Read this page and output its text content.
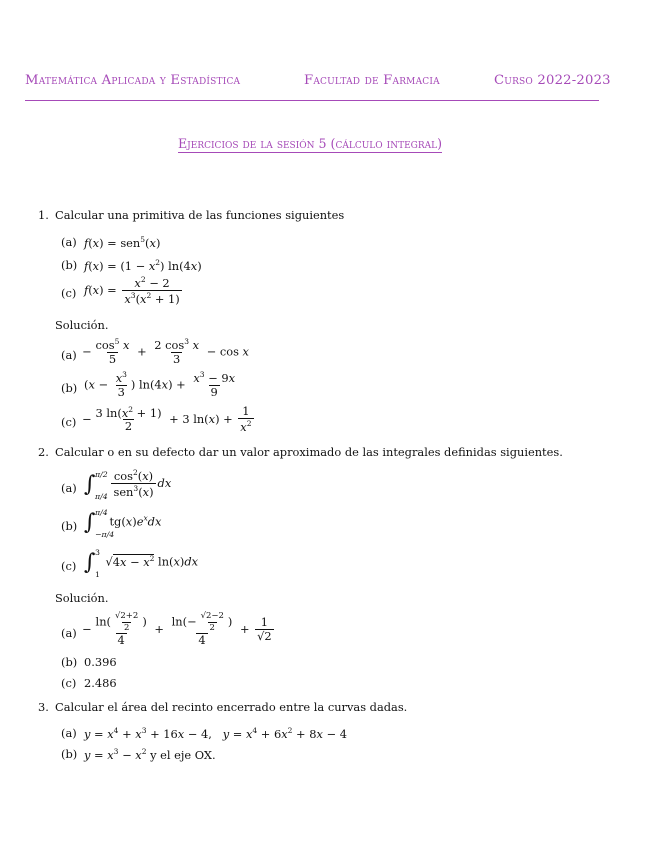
Matemática Aplicada y Estadística	Facultad de Farmacia	Curso 2022-2023
Ejercicios de la sesión 5 (cálculo integral)
1. Calcular una primitiva de las funciones siguientes
(a) f(x) = sen$^5$(x)
(b) $f(x) = (1 - x^2)$ ln(4x)
(c) $f(x) = \frac{x^2 - 2}{x^3(x^2 + 1)}$
Solución.
$(a) - \frac{\cos^5 x}{5} + \frac{2 \cos^3 x}{3} - \cos x$
(b) ($x - \frac{x^3}{3}$ ) $\ln(4x) + \frac{x^3 - 9x}{9}$
$(c) - \frac{3 \ln(x^2 + 1)}{2} + 3$ $\ln(x) + \frac{1}{x^2}$
2. Calcular o en su defecto dar un valor aproximado de las integrales definidas siguientes.
(a) ∫ π/2
$\pi/4 \frac{\cos^2(x)}{sen^3(x)}$ dx
(b) ∫ π/4
−π/4
$tg(x)e^xdx$
(c) ∫ 3
1
$√4x - x^2$ ln(x)dx
Solución.
$(a) - \frac{\ln( \frac{√2+2}{2} )}{4} + \frac{\ln(- \frac{√2-2}{2} )}{4} + \frac{1}{√2}$
(b) 0.396
(c) 2.486
3. Calcular el área del recinto encerrado entre la curvas dadas.
(a) $y = x^4 + x^3 + 16x - 4$,   $y = x^4 + 6x^2 + 8x - 4$
(b) $y = x^3 - x^2$ y el eje OX.
